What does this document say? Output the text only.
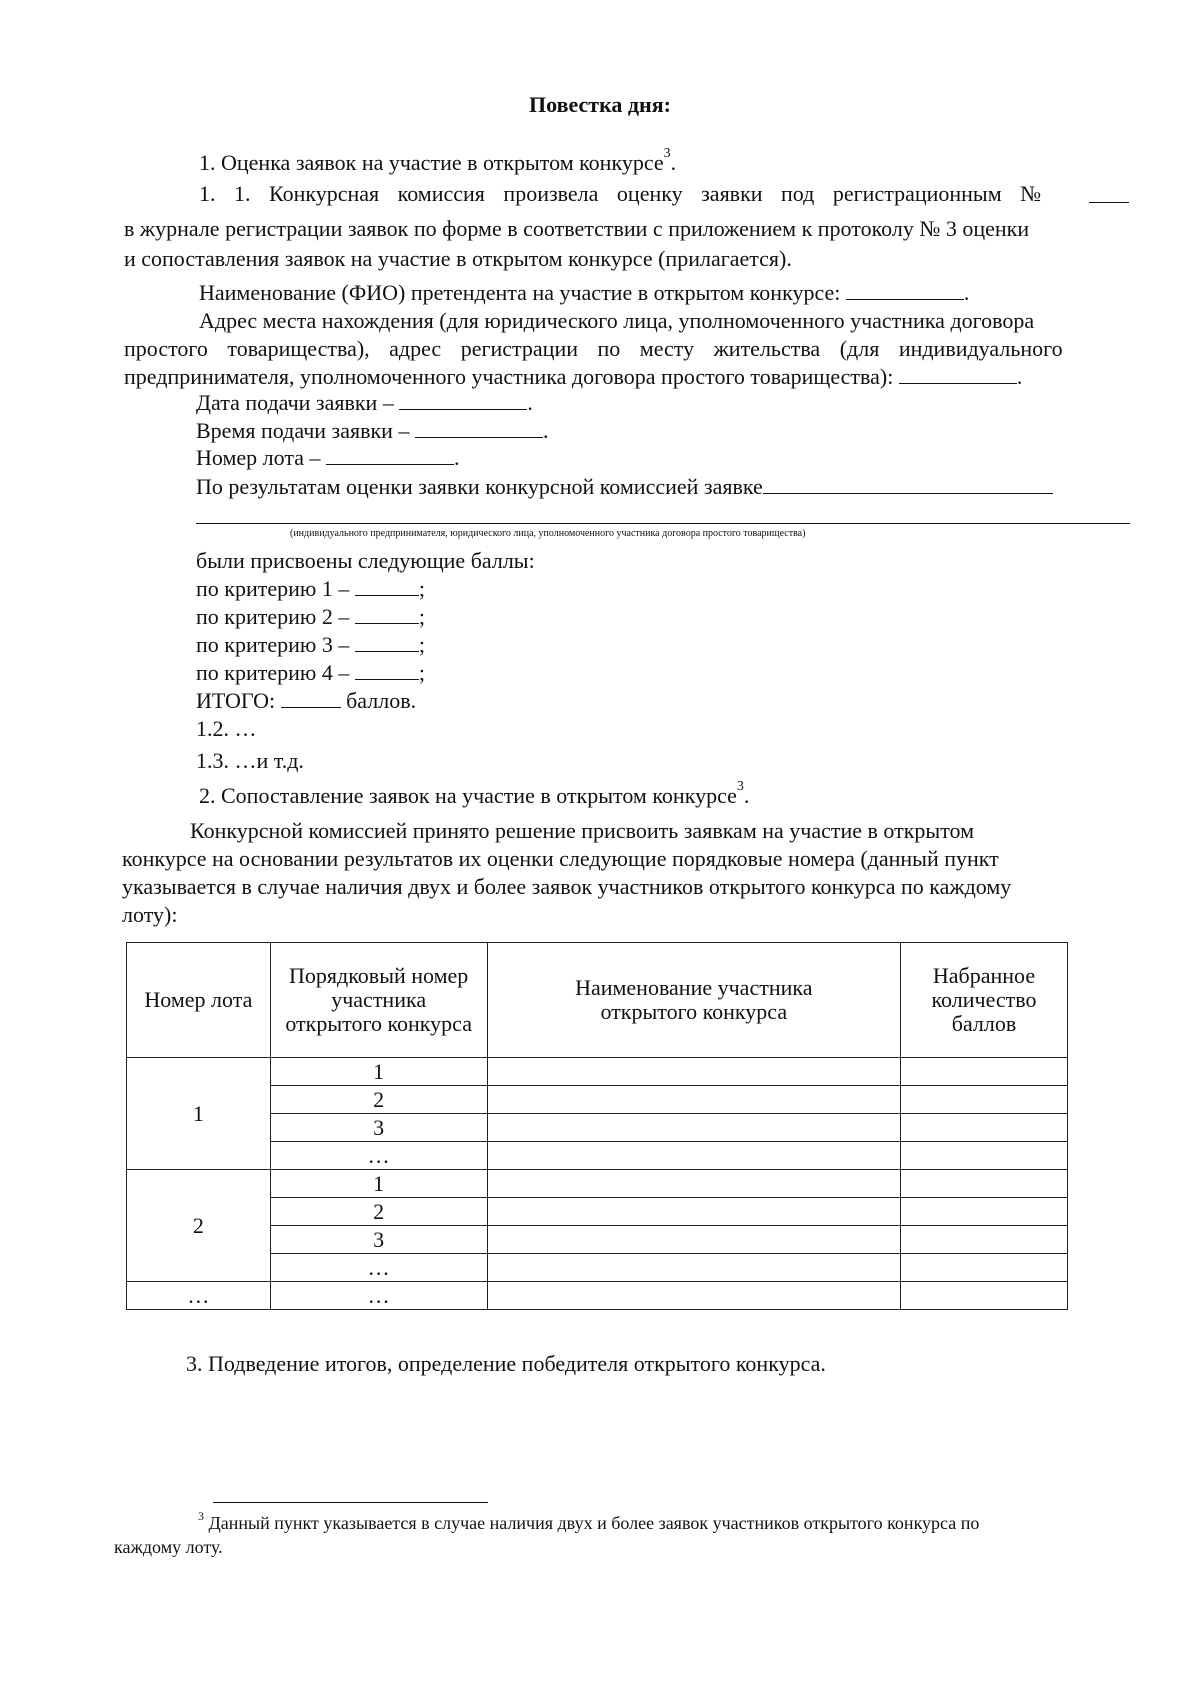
Повестка дня:
1. Оценка заявок на участие в открытом конкурсе$^3$.
1. 1. Конкурсная комиссия произвела оценку заявки под регистрационным №
в журнале регистрации заявок по форме в соответствии с приложением к протоколу № 3 оценки
и сопоставления заявок на участие в открытом конкурсе (прилагается).
Наименование (ФИО) претендента на участие в открытом конкурсе:	.
Адрес места нахождения (для юридического лица, уполномоченного участника договора
простого товарищества), адрес регистрации по месту жительства (для индивидуального
предпринимателя, уполномоченного участника договора простого товарищества):	.
Дата подачи заявки –	.
Время подачи заявки –	.
Номер лота –	.
По результатам оценки заявки конкурсной комиссией заявке
(индивидуального предпринимателя, юридического лица, уполномоченного участника договора простого товарищества)
были присвоены следующие баллы:
по критерию 1 –	;
по критерию 2 –	;
по критерию 3 –	;
по критерию 4 –	;
ИТОГО:	баллов.
1.2. …
1.3. …и т.д.
2. Сопоставление заявок на участие в открытом конкурсе$^3$.
Конкурсной комиссией принято решение присвоить заявкам на участие в открытом
конкурсе на основании результатов их оценки следующие порядковые номера (данный пункт
указывается в случае наличия двух и более заявок участников открытого конкурса по каждому
лоту):
Номер лота	Порядковый номер участника открытого конкурса	Наименование участника открытого конкурса	Набранное количество баллов
1	1		
	2		
	3		
	…		
2	1		
	2		
	3		
	…		
…	…		
3. Подведение итогов, определение победителя открытого конкурса.
$^3$ Данный пункт указывается в случае наличия двух и более заявок участников открытого конкурса по
каждому лоту.
